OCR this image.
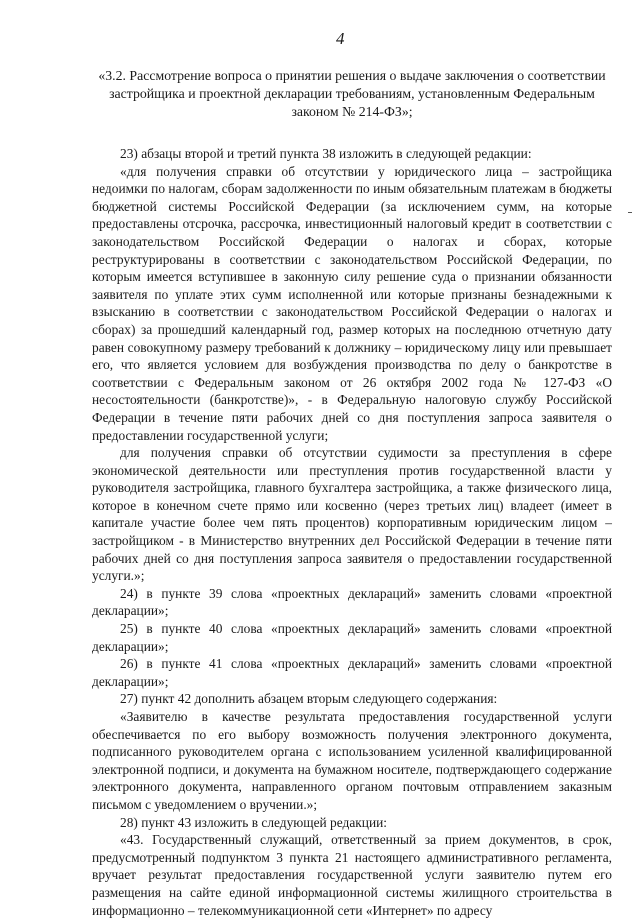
4
«3.2. Рассмотрение вопроса о принятии решения о выдаче заключения о соответствии застройщика и проектной декларации требованиям, установленным Федеральным законом № 214-ФЗ»;

23) абзацы второй и третий пункта 38 изложить в следующей редакции:

«для получения справки об отсутствии у юридического лица – застройщика недоимки по налогам, сборам задолженности по иным обязательным платежам в бюджеты бюджетной системы Российской Федерации (за исключением сумм, на которые предоставлены отсрочка, рассрочка, инвестиционный налоговый кредит в соответствии с законодательством Российской Федерации о налогах и сборах, которые реструктурированы в соответствии с законодательством Российской Федерации, по которым имеется вступившее в законную силу решение суда о признании обязанности заявителя по уплате этих сумм исполненной или которые признаны безнадежными к взысканию в соответствии с законодательством Российской Федерации о налогах и сборах) за прошедший календарный год, размер которых на последнюю отчетную дату равен совокупному размеру требований к должнику – юридическому лицу или превышает его, что является условием для возбуждения производства по делу о банкротстве в соответствии с Федеральным законом от 26 октября 2002 года № 127-ФЗ «О несостоятельности (банкротстве)», - в Федеральную налоговую службу Российской Федерации в течение пяти рабочих дней со дня поступления запроса заявителя о предоставлении государственной услуги;

для получения справки об отсутствии судимости за преступления в сфере экономической деятельности или преступления против государственной власти у руководителя застройщика, главного бухгалтера застройщика, а также физического лица, которое в конечном счете прямо или косвенно (через третьих лиц) владеет (имеет в капитале участие более чем пять процентов) корпоративным юридическим лицом – застройщиком - в Министерство внутренних дел Российской Федерации в течение пяти рабочих дней со дня поступления запроса заявителя о предоставлении государственной услуги.»;

24) в пункте 39 слова «проектных деклараций» заменить словами «проектной декларации»;

25) в пункте 40 слова «проектных деклараций» заменить словами «проектной декларации»;

26) в пункте 41 слова «проектных деклараций» заменить словами «проектной декларации»;

27) пункт 42 дополнить абзацем вторым следующего содержания:

«Заявителю в качестве результата предоставления государственной услуги обеспечивается по его выбору возможность получения электронного документа, подписанного руководителем органа с использованием усиленной квалифицированной электронной подписи, и документа на бумажном носителе, подтверждающего содержание электронного документа, направленного органом почтовым отправлением заказным письмом с уведомлением о вручении.»;

28) пункт 43 изложить в следующей редакции:

«43. Государственный служащий, ответственный за прием документов, в срок, предусмотренный подпунктом 3 пункта 21 настоящего административного регламента, вручает результат предоставления государственной услуги заявителю путем его размещения на сайте единой информационной системы жилищного строительства в информационно – телекоммуникационной сети «Интернет» по адресу
